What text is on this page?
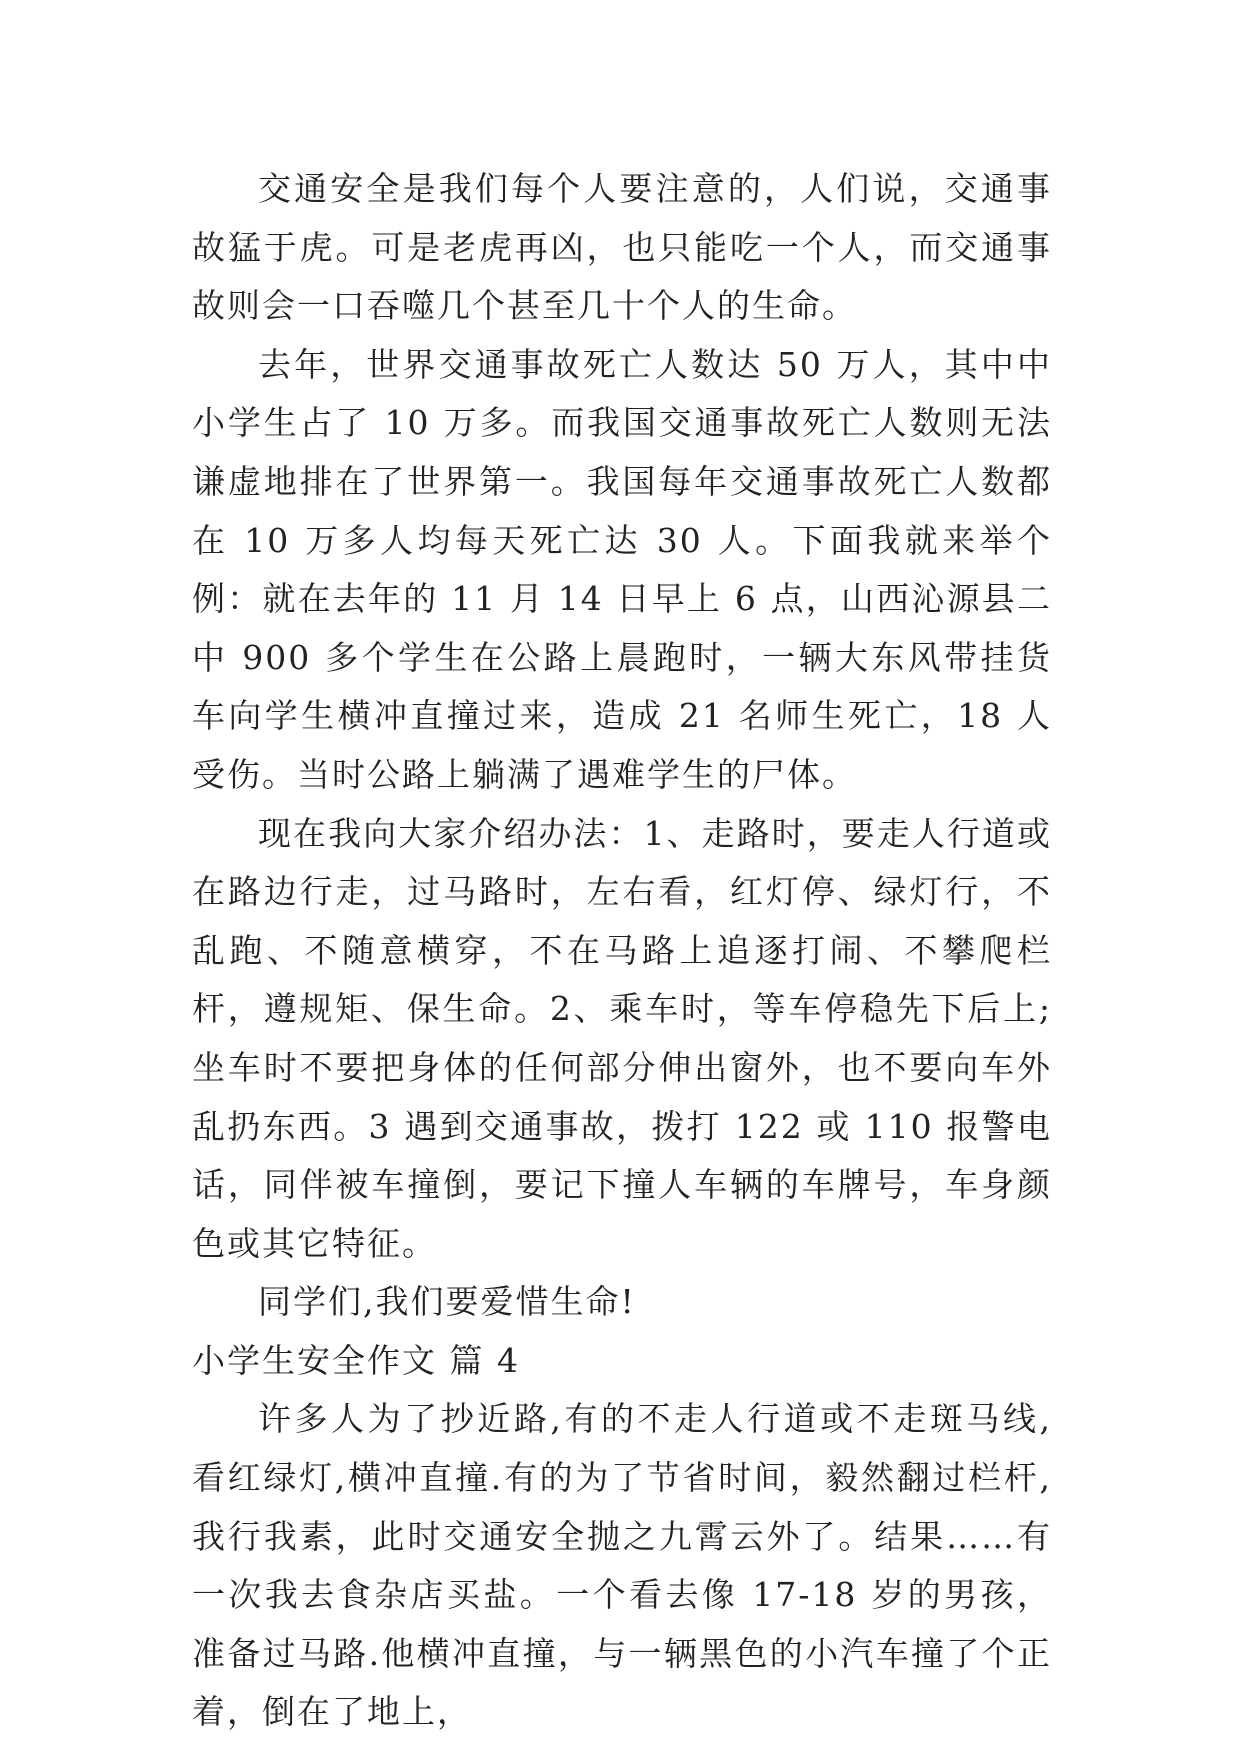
交通安全是我们每个人要注意的，人们说，交通事故猛于虎。可是老虎再凶，也只能吃一个人，而交通事故则会一口吞噬几个甚至几十个人的生命。

去年，世界交通事故死亡人数达 50 万人，其中中小学生占了 10 万多。而我国交通事故死亡人数则无法谦虚地排在了世界第一。我国每年交通事故死亡人数都在 10 万多人均每天死亡达 30 人。下面我就来举个例：就在去年的 11 月 14 日早上 6 点，山西沁源县二中 900 多个学生在公路上晨跑时，一辆大东风带挂货车向学生横冲直撞过来，造成 21 名师生死亡，18 人受伤。当时公路上躺满了遇难学生的尸体。

现在我向大家介绍办法：1、走路时，要走人行道或在路边行走，过马路时，左右看，红灯停、绿灯行，不乱跑、不随意横穿，不在马路上追逐打闹、不攀爬栏杆，遵规矩、保生命。2、乘车时，等车停稳先下后上;坐车时不要把身体的任何部分伸出窗外，也不要向车外乱扔东西。3 遇到交通事故，拨打 122 或 110 报警电话，同伴被车撞倒，要记下撞人车辆的车牌号，车身颜色或其它特征。

同学们,我们要爱惜生命!

小学生安全作文 篇 4

许多人为了抄近路,有的不走人行道或不走斑马线,看红绿灯,横冲直撞.有的为了节省时间，毅然翻过栏杆,我行我素，此时交通安全抛之九霄云外了。结果……有一次我去食杂店买盐。一个看去像 17-18 岁的男孩，准备过马路.他横冲直撞，与一辆黑色的小汽车撞了个正着，倒在了地上，
